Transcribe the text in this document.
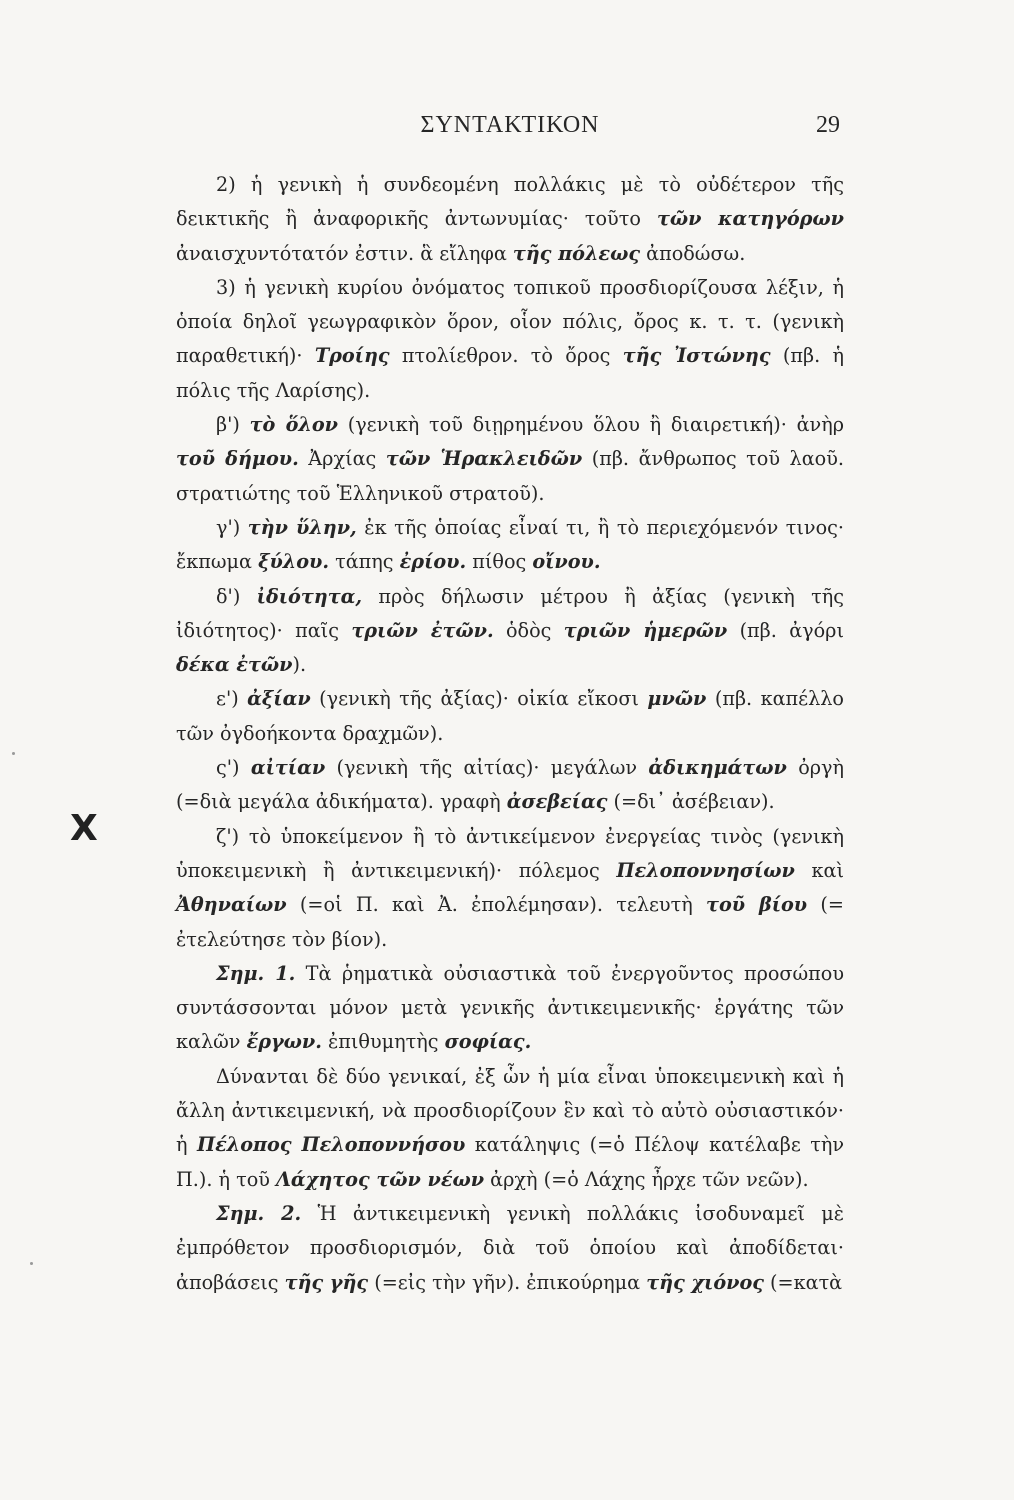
ΣΥΝΤΑΚΤΙΚΟΝ	29
X

2) ἡ γενικὴ ἡ συνδεομένη πολλάκις μὲ τὸ οὐδέτερον τῆς δεικτικῆς ἢ ἀναφορικῆς ἀντωνυμίας· τοῦτο τῶν κατηγόρων ἀναισχυντότατόν ἐστιν. ἃ εἴληφα τῆς πόλεως ἀποδώσω.

3) ἡ γενικὴ κυρίου ὀνόματος τοπικοῦ προσδιορίζουσα λέξιν, ἡ ὁποία δηλοῖ γεωγραφικὸν ὅρον, οἷον πόλις, ὄρος κ. τ. τ. (γενικὴ παραθετική)· Τροίης πτολίεθρον. τὸ ὄρος τῆς Ἰστώνης (πβ. ἡ πόλις τῆς Λαρίσης).

β') τὸ ὅλον (γενικὴ τοῦ διῃρημένου ὅλου ἢ διαιρετική)· ἀνὴρ τοῦ δήμου. Ἀρχίας τῶν Ἡρακλειδῶν (πβ. ἄνθρωπος τοῦ λαοῦ. στρατιώτης τοῦ Ἑλληνικοῦ στρατοῦ).

γ') τὴν ὕλην, ἐκ τῆς ὁποίας εἶναί τι, ἢ τὸ περιεχόμενόν τινος· ἔκπωμα ξύλου. τάπης ἐρίου. πίθος οἴνου.

δ') ἰδιότητα, πρὸς δήλωσιν μέτρου ἢ ἀξίας (γενικὴ τῆς ἰδιότητος)· παῖς τριῶν ἐτῶν. ὁδὸς τριῶν ἡμερῶν (πβ. ἀγόρι δέκα ἐτῶν).

ε') ἀξίαν (γενικὴ τῆς ἀξίας)· οἰκία εἴκοσι μνῶν (πβ. καπέλλο τῶν ὀγδοήκοντα δραχμῶν).

ς') αἰτίαν (γενικὴ τῆς αἰτίας)· μεγάλων ἀδικημάτων ὀργὴ (=διὰ μεγάλα ἀδικήματα). γραφὴ ἀσεβείας (=δι᾿ ἀσέβειαν).

ζ') τὸ ὑποκείμενον ἢ τὸ ἀντικείμενον ἐνεργείας τινὸς (γενικὴ ὑποκειμενικὴ ἢ ἀντικειμενική)· πόλεμος Πελοποννησίων καὶ Ἀθηναίων (=οἱ Π. καὶ Ἀ. ἐπολέμησαν). τελευτὴ τοῦ βίου (= ἐτελεύτησε τὸν βίον).

Σημ. 1. Τὰ ῥηματικὰ οὐσιαστικὰ τοῦ ἐνεργοῦντος προσώπου συντάσσονται μόνον μετὰ γενικῆς ἀντικειμενικῆς· ἐργάτης τῶν καλῶν ἔργων. ἐπιθυμητὴς σοφίας.

Δύνανται δὲ δύο γενικαί, ἐξ ὧν ἡ μία εἶναι ὑποκειμενικὴ καὶ ἡ ἄλλη ἀντικειμενική, νὰ προσδιορίζουν ἓν καὶ τὸ αὐτὸ οὐσιαστικόν· ἡ Πέλοπος Πελοποννήσου κατάληψις (=ὁ Πέλοψ κατέλαβε τὴν Π.). ἡ τοῦ Λάχητος τῶν νέων ἀρχὴ (=ὁ Λάχης ἦρχε τῶν νεῶν).

Σημ. 2. Ἡ ἀντικειμενικὴ γενικὴ πολλάκις ἰσοδυναμεῖ μὲ ἐμπρόθετον προσδιορισμόν, διὰ τοῦ ὁποίου καὶ ἀποδίδεται· ἀποβάσεις τῆς γῆς (=εἰς τὴν γῆν). ἐπικούρημα τῆς χιόνος (=κατὰ
